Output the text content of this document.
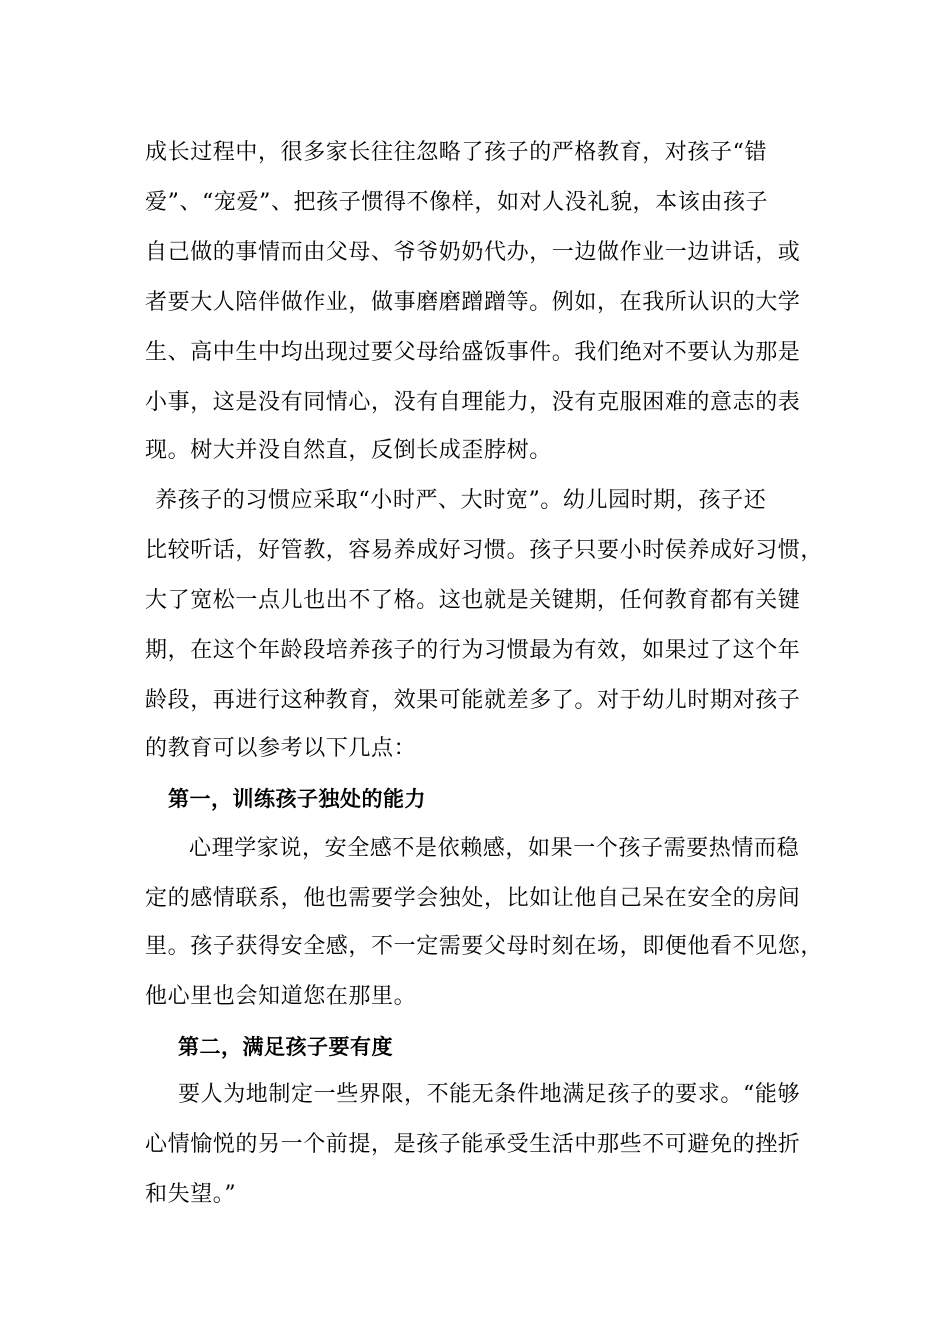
成长过程中，很多家长往往忽略了孩子的严格教育，对孩子“错
爱”、“宠爱”、把孩子惯得不像样，如对人没礼貌，本该由孩子
自己做的事情而由父母、爷爷奶奶代办，一边做作业一边讲话，或
者要大人陪伴做作业，做事磨磨蹭蹭等。例如，在我所认识的大学
生、高中生中均出现过要父母给盛饭事件。我们绝对不要认为那是
小事，这是没有同情心，没有自理能力，没有克服困难的意志的表
现。树大并没自然直，反倒长成歪脖树。
养孩子的习惯应采取“小时严、大时宽”。幼儿园时期，孩子还
比较听话，好管教，容易养成好习惯。孩子只要小时侯养成好习惯，
大了宽松一点儿也出不了格。这也就是关键期，任何教育都有关键
期，在这个年龄段培养孩子的行为习惯最为有效，如果过了这个年
龄段，再进行这种教育，效果可能就差多了。对于幼儿时期对孩子
的教育可以参考以下几点：
第一，训练孩子独处的能力
心理学家说，安全感不是依赖感，如果一个孩子需要热情而稳
定的感情联系，他也需要学会独处，比如让他自己呆在安全的房间
里。孩子获得安全感，不一定需要父母时刻在场，即便他看不见您，
他心里也会知道您在那里。
第二，满足孩子要有度
要人为地制定一些界限，不能无条件地满足孩子的要求。“能够
心情愉悦的另一个前提，是孩子能承受生活中那些不可避免的挫折
和失望。”
